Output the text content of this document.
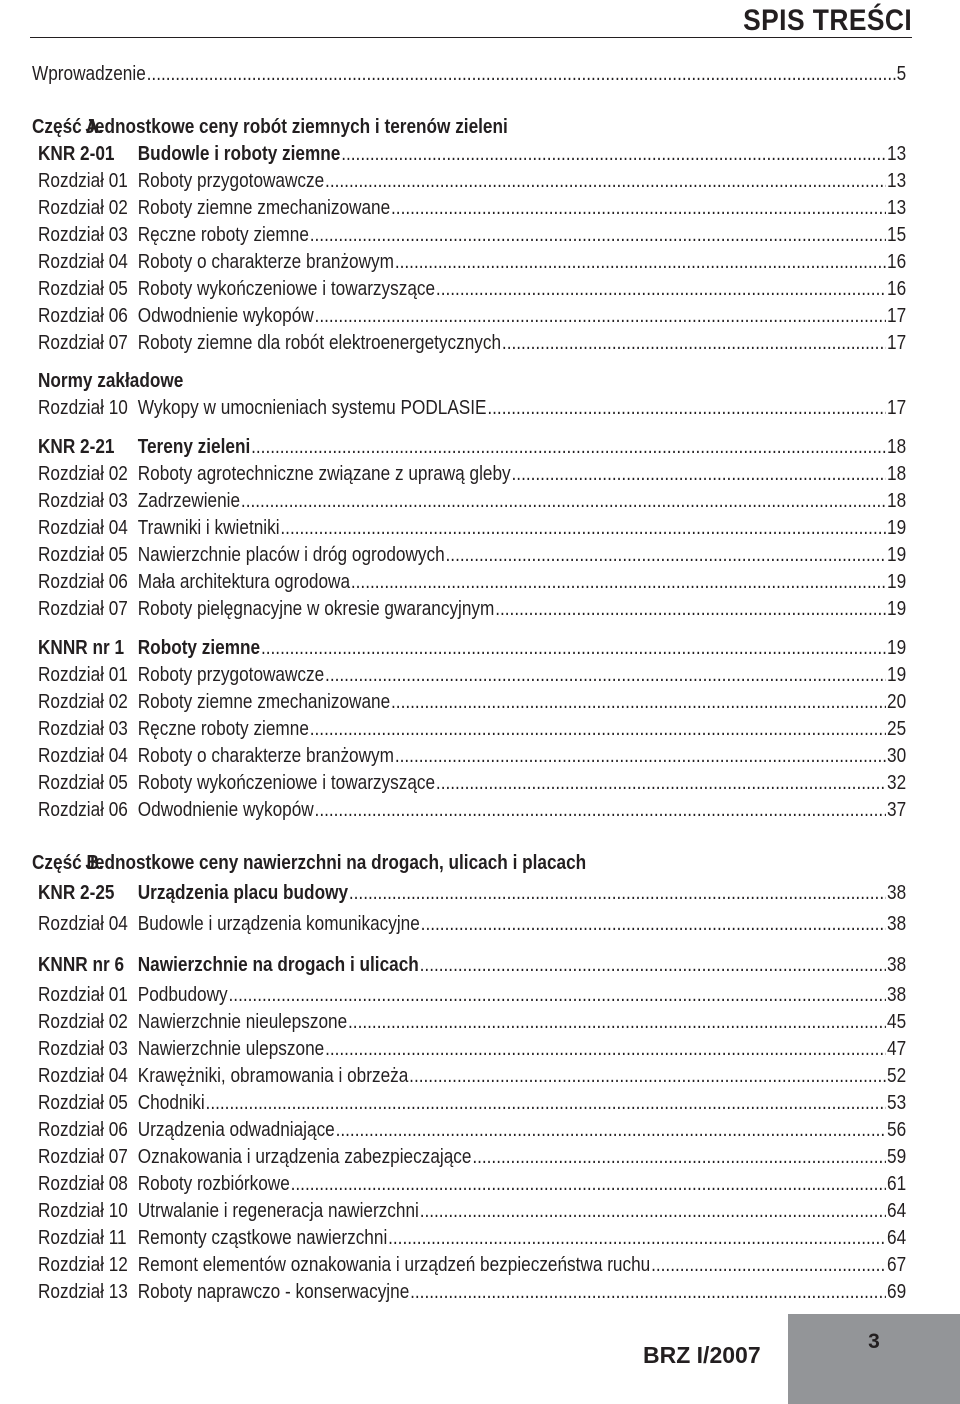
SPIS TREŚCI
Wprowadzenie .....	5
Część A.
Jednostkowe ceny robót ziemnych i terenów zieleni
KNR 2-01	Budowle i roboty ziemne .....	13
Rozdział 01 Roboty przygotowawcze .....	13
Rozdział 02 Roboty ziemne zmechanizowane .....	13
Rozdział 03 Ręczne roboty ziemne .....	15
Rozdział 04 Roboty o charakterze branżowym .....	16
Rozdział 05 Roboty wykończeniowe i towarzyszące .....	16
Rozdział 06 Odwodnienie wykopów .....	17
Rozdział 07 Roboty ziemne dla robót elektroenergetycznych .....	17
Normy zakładowe
Rozdział 10 Wykopy w umocnieniach systemu PODLASIE .....	17
KNR 2-21	Tereny zieleni .....	18
Rozdział 02 Roboty agrotechniczne związane z uprawą gleby .....	18
Rozdział 03 Zadrzewienie .....	18
Rozdział 04 Trawniki i kwietniki .....	19
Rozdział 05 Nawierzchnie placów i dróg ogrodowych .....	19
Rozdział 06 Mała architektura ogrodowa .....	19
Rozdział 07 Roboty pielęgnacyjne w okresie gwarancyjnym .....	19
KNNR nr 1 Roboty ziemne .....	19
Rozdział 01 Roboty przygotowawcze .....	19
Rozdział 02 Roboty ziemne zmechanizowane .....	20
Rozdział 03 Ręczne roboty ziemne .....	25
Rozdział 04 Roboty o charakterze branżowym .....	30
Rozdział 05 Roboty wykończeniowe i towarzyszące .....	32
Rozdział 06 Odwodnienie wykopów .....	37
Część B.
Jednostkowe ceny nawierzchni na drogach, ulicach i placach
KNR 2-25	Urządzenia placu budowy .....	38
Rozdział 04 Budowle i urządzenia komunikacyjne .....	38
KNNR nr 6 Nawierzchnie na drogach i ulicach .....	38
Rozdział 01 Podbudowy .....	38
Rozdział 02 Nawierzchnie nieulepszone .....	45
Rozdział 03 Nawierzchnie ulepszone .....	47
Rozdział 04 Krawężniki, obramowania i obrzeża .....	52
Rozdział 05 Chodniki .....	53
Rozdział 06 Urządzenia odwadniające .....	56
Rozdział 07 Oznakowania i urządzenia zabezpieczające .....	59
Rozdział 08 Roboty rozbiórkowe .....	61
Rozdział 10 Utrwalanie i regeneracja nawierzchni .....	64
Rozdział 11 Remonty cząstkowe nawierzchni .....	64
Rozdział 12 Remont elementów oznakowania i urządzeń bezpieczeństwa ruchu .....	67
Rozdział 13 Roboty naprawczo - konserwacyjne .....	69
BRZ I/2007
3
